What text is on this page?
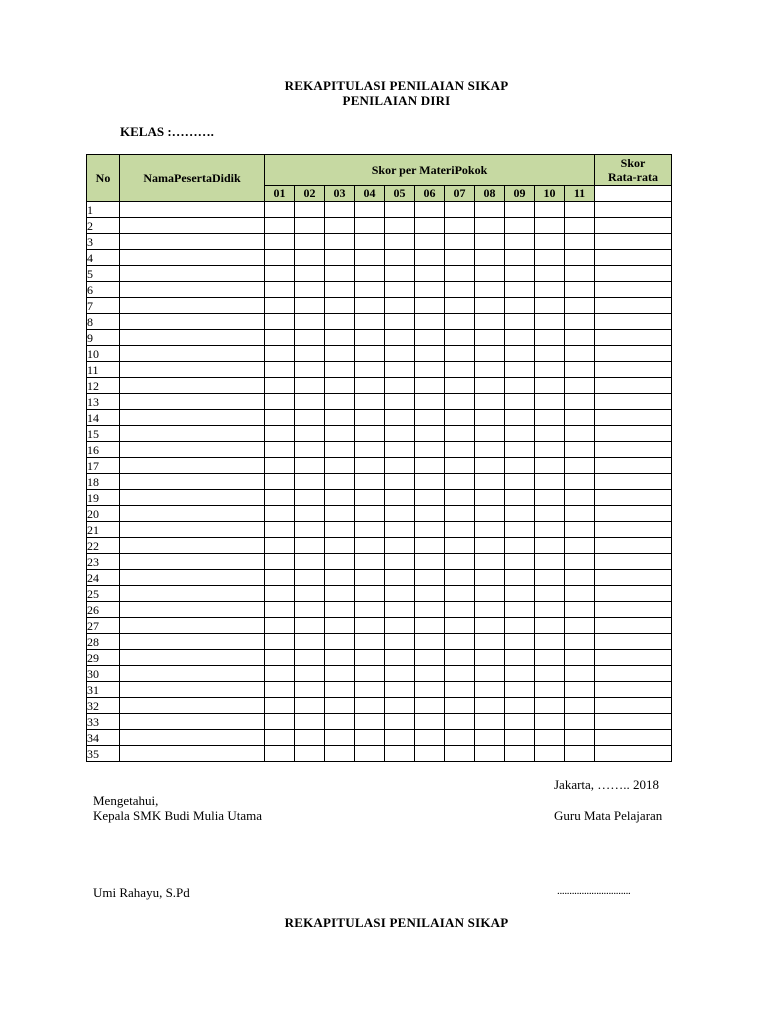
REKAPITULASI PENILAIAN SIKAP
PENILAIAN DIRI
KELAS :……….
No	NamaPesertaDidik	Skor per MateriPokok											Skor
Rata-rata

		01	02	03	04	05	06	07	08	09	10	11	
1													
2													
3													
4													
5													
6													
7													
8													
9													
10													
11													
12													
13													
14													
15													
16													
17													
18													
19													
20													
21													
22													
23													
24													
25													
26													
27													
28													
29													
30													
31													
32													
33													
34													
35													
Jakarta, …….. 2018
Mengetahui,
Kepala SMK Budi Mulia Utama	Guru Mata Pelajaran
Umi Rahayu, S.Pd	..............................
REKAPITULASI PENILAIAN SIKAP
